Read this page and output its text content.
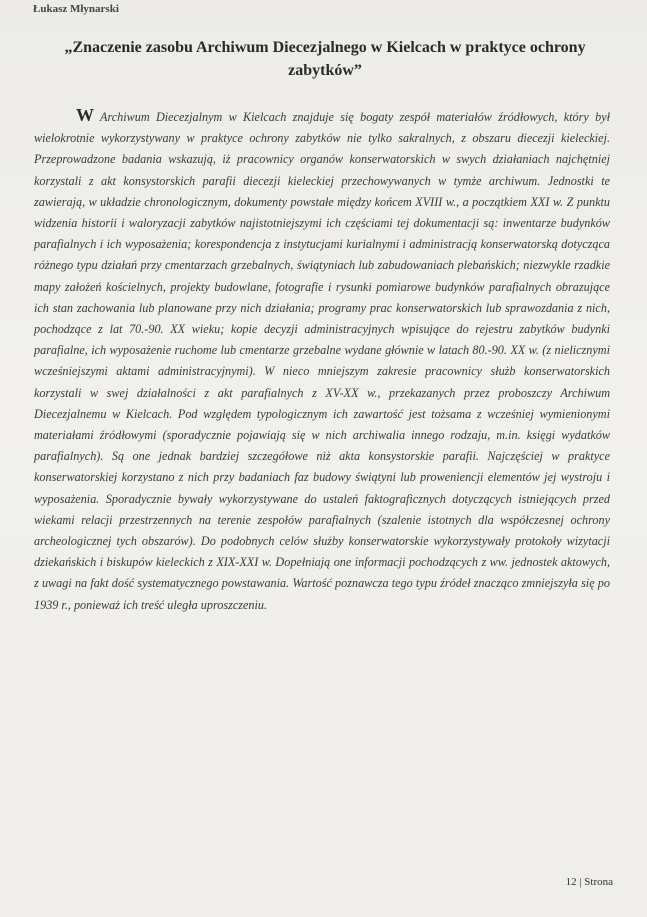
Łukasz Młynarski

„Znaczenie zasobu Archiwum Diecezjalnego w Kielcach w praktyce ochrony zabytków”

W Archiwum Diecezjalnym w Kielcach znajduje się bogaty zespół materiałów źródłowych, który był wielokrotnie wykorzystywany w praktyce ochrony zabytków nie tylko sakralnych, z obszaru diecezji kieleckiej. Przeprowadzone badania wskazują, iż pracownicy organów konserwatorskich w swych działaniach najchętniej korzystali z akt konsystorskich parafii diecezji kieleckiej przechowywanych w tymże archiwum. Jednostki te zawierają, w układzie chronologicznym, dokumenty powstałe między końcem XVIII w., a początkiem XXI w. Z punktu widzenia historii i waloryzacji zabytków najistotniejszymi ich częściami tej dokumentacji są: inwentarze budynków parafialnych i ich wyposażenia; korespondencja z instytucjami kurialnymi i administracją konserwatorską dotycząca różnego typu działań przy cmentarzach grzebalnych, świątyniach lub zabudowaniach plebańskich; niezwykle rzadkie mapy założeń kościelnych, projekty budowlane, fotografie i rysunki pomiarowe budynków parafialnych obrazujące ich stan zachowania lub planowane przy nich działania; programy prac konserwatorskich lub sprawozdania z nich, pochodzące z lat 70.-90. XX wieku; kopie decyzji administracyjnych wpisujące do rejestru zabytków budynki parafialne, ich wyposażenie ruchome lub cmentarze grzebalne wydane głównie w latach 80.-90. XX w. (z nielicznymi wcześniejszymi aktami administracyjnymi). W nieco mniejszym zakresie pracownicy służb konserwatorskich korzystali w swej działalności z akt parafialnych z XV-XX w., przekazanych przez proboszczy Archiwum Diecezjalnemu w Kielcach. Pod względem typologicznym ich zawartość jest tożsama z wcześniej wymienionymi materiałami źródłowymi (sporadycznie pojawiają się w nich archiwalia innego rodzaju, m.in. księgi wydatków parafialnych). Są one jednak bardziej szczegółowe niż akta konsystorskie parafii. Najczęściej w praktyce konserwatorskiej korzystano z nich przy badaniach faz budowy świątyni lub proweniencji elementów jej wystroju i wyposażenia. Sporadycznie bywały wykorzystywane do ustaleń faktograficznych dotyczących istniejących przed wiekami relacji przestrzennych na terenie zespołów parafialnych (szalenie istotnych dla współczesnej ochrony archeologicznej tych obszarów). Do podobnych celów służby konserwatorskie wykorzystywały protokoły wizytacji dziekańskich i biskupów kieleckich z XIX-XXI w. Dopełniają one informacji pochodzących z ww. jednostek aktowych, z uwagi na fakt dość systematycznego powstawania. Wartość poznawcza tego typu źródeł znacząco zmniejszyła się po 1939 r., ponieważ ich treść uległa uproszczeniu.

12 | Strona
